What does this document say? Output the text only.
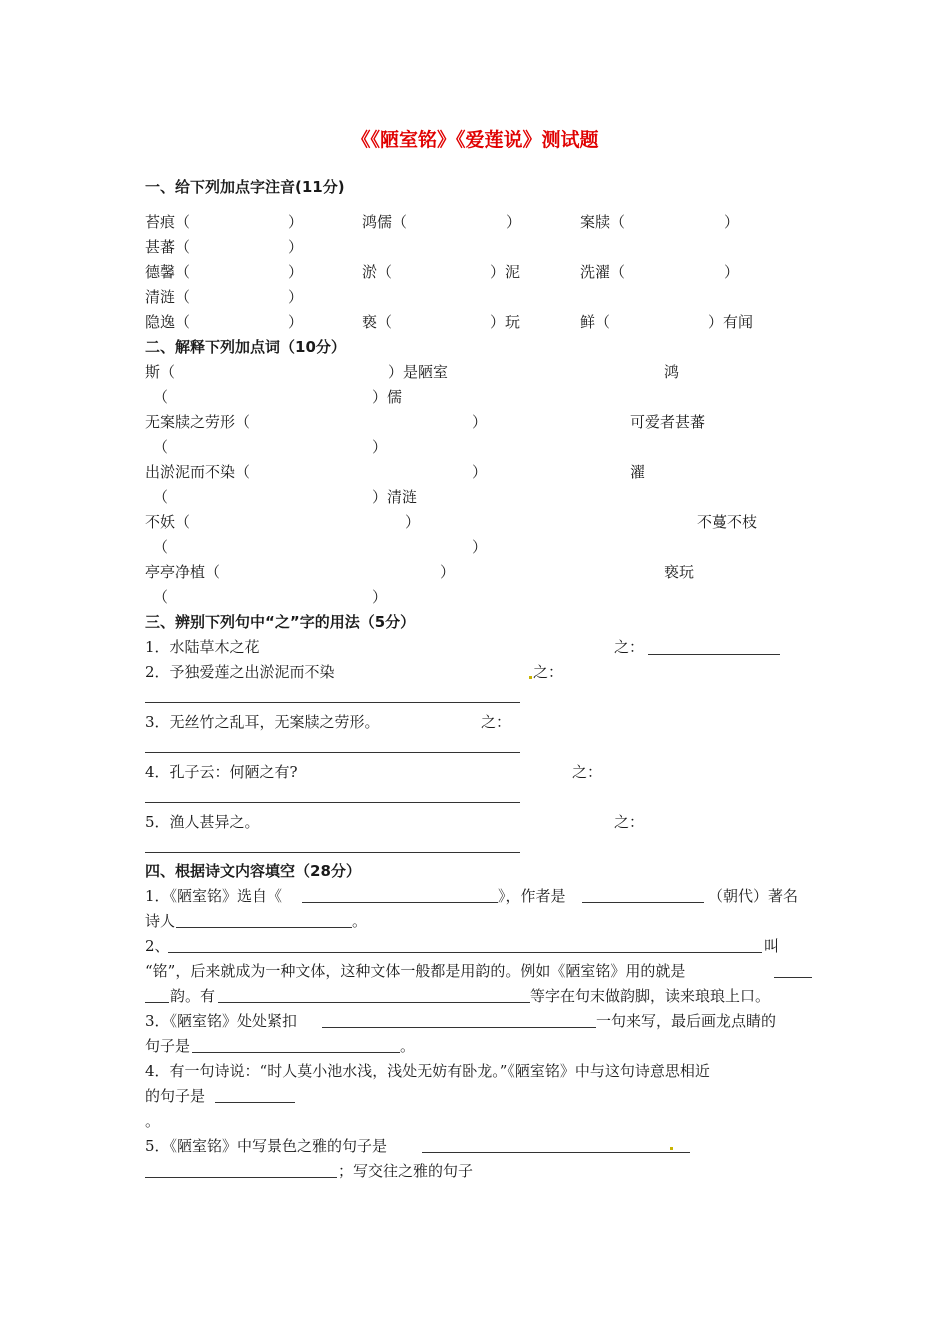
《《陋室铭》《爱莲说》测试题
一、给下列加点字注音(11分)
苔痕（	）	鸿儒（	）	案牍（	）
甚蕃（	）
德馨（	）	淤（	）泥	洗濯（	）
清涟（	）
隐逸（	）	亵（	）玩	鲜（	）有闻
二、解释下列加点词（10分）
斯（	）是陋室	鸿
（	）儒
无案牍之劳形（	）	可爱者甚蕃
（	）
出淤泥而不染（	）	濯
（	）清涟
不妖（	）	不蔓不枝
（	）
亭亭净植（	）	亵玩
（	）
三、辨别下列句中“之”字的用法（5分）
1．水陆草木之花	之：
2．予独爱莲之出淤泥而不染	之：
3．无丝竹之乱耳，无案牍之劳形。	之：
4．孔子云：何陋之有?	之：
5．渔人甚异之。	之：
四、根据诗文内容填空（28分）
1．《陋室铭》选自《	》，作者是	（朝代）著名
诗人	。
2、	叫
“铭”，后来就成为一种文体，这种文体一般都是用韵的。例如《陋室铭》用的就是
韵。有	等字在句末做韵脚，读来琅琅上口。
3．《陋室铭》处处紧扣	一句来写，最后画龙点睛的
句子是	。
4．有一句诗说：“时人莫小池水浅，浅处无妨有卧龙。”《陋室铭》中与这句诗意思相近
的句子是
。
5．《陋室铭》中写景色之雅的句子是
；写交往之雅的句子
